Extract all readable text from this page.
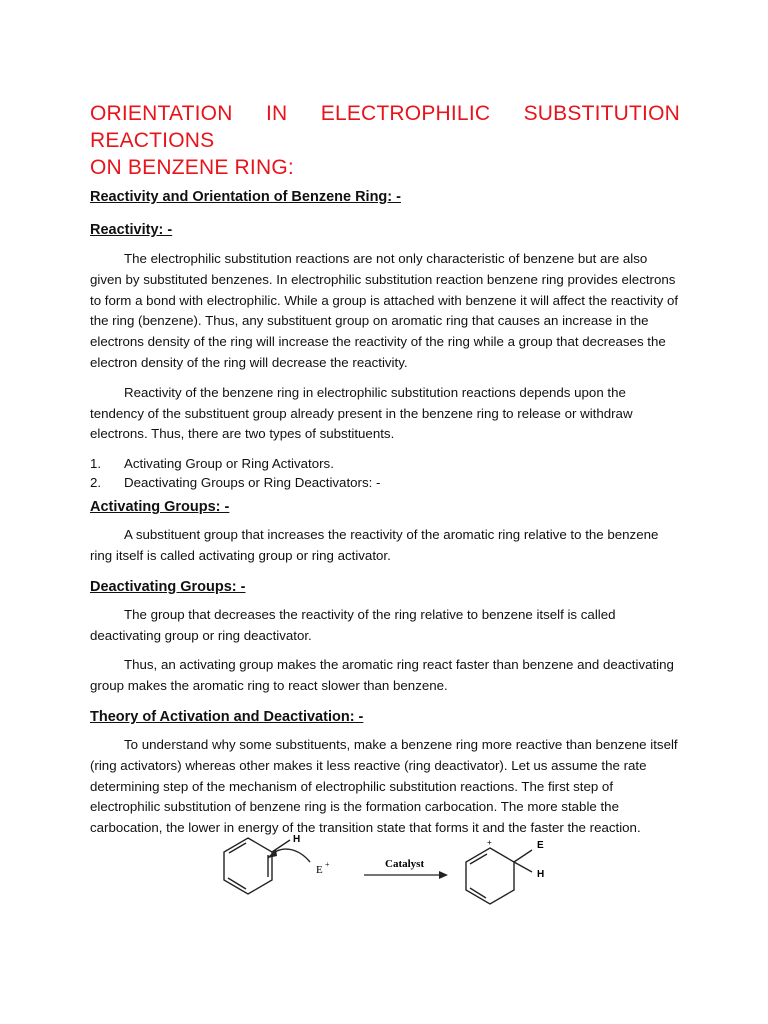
ORIENTATION IN ELECTROPHILIC SUBSTITUTION REACTIONS
ON BENZENE RING:
Reactivity and Orientation of Benzene Ring: -
Reactivity: -

The electrophilic substitution reactions are not only characteristic of benzene but are also given by substituted benzenes. In electrophilic substitution reaction benzene ring provides electrons to form a bond with electrophilic. While a group is attached with benzene it will affect the reactivity of the ring (benzene). Thus, any substituent group on aromatic ring that causes an increase in the electrons density of the ring will increase the reactivity of the ring while a group that decreases the electron density of the ring will decrease the reactivity.

Reactivity of the benzene ring in electrophilic substitution reactions depends upon the tendency of the substituent group already present in the benzene ring to release or withdraw electrons. Thus, there are two types of substituents.

1. Activating Group or Ring Activators.
2. Deactivating Groups or Ring Deactivators: -
Activating Groups: -

A substituent group that increases the reactivity of the aromatic ring relative to the benzene ring itself is called activating group or ring activator.

Deactivating Groups: -

The group that decreases the reactivity of the ring relative to benzene itself is called deactivating group or ring deactivator.

Thus, an activating group makes the aromatic ring react faster than benzene and deactivating group makes the aromatic ring to react slower than benzene.

Theory of Activation and Deactivation: -

To understand why some substituents, make a benzene ring more reactive than benzene itself (ring activators) whereas other makes it less reactive (ring deactivator). Let us assume the rate determining step of the mechanism of electrophilic substitution reactions. The first step of electrophilic substitution of benzene ring is the formation carbocation. The more stable the carbocation, the lower in energy of the transition state that forms it and the faster the reaction.

H
E +	Catalyst
+	E
H
